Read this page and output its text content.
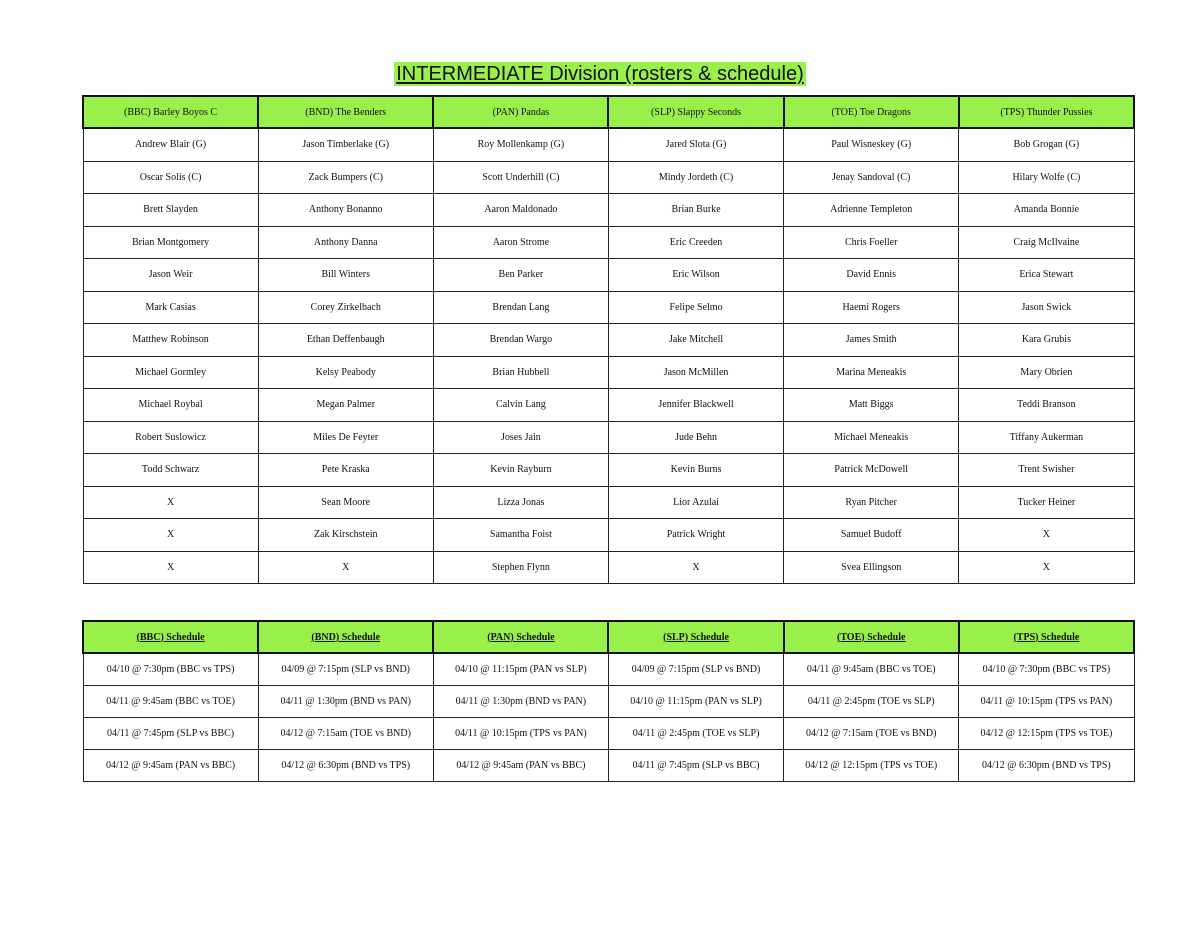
INTERMEDIATE Division (rosters & schedule)
(BBC) Barley Boyos C	(BND) The Benders	(PAN) Pandas	(SLP) Slappy Seconds	(TOE) Toe Dragons	(TPS) Thunder Pussies
Andrew Blair (G)	Jason Timberlake (G)	Roy Mollenkamp (G)	Jared Slota (G)	Paul Wisneskey (G)	Bob Grogan (G)
Oscar Solis (C)	Zack Bumpers (C)	Scott Underhill (C)	Mindy Jordeth (C)	Jenay Sandoval (C)	Hilary Wolfe (C)
Brett Slayden	Anthony Bonanno	Aaron Maldonado	Brian Burke	Adrienne Templeton	Amanda Bonnie
Brian Montgomery	Anthony Danna	Aaron Strome	Eric Creeden	Chris Foeller	Craig McIlvaine
Jason Weir	Bill Winters	Ben Parker	Eric Wilson	David Ennis	Erica Stewart
Mark Casias	Corey Zirkelbach	Brendan Lang	Felipe Selmo	Haemi Rogers	Jason Swick
Matthew Robinson	Ethan Deffenbaugh	Brendan Wargo	Jake Mitchell	James Smith	Kara Grubis
Michael Gormley	Kelsy Peabody	Brian Hubbell	Jason McMillen	Marina Meneakis	Mary Obrien
Michael Roybal	Megan Palmer	Calvin Lang	Jennifer Blackwell	Matt Biggs	Teddi Branson
Robert Suslowicz	Miles De Feyter	Joses Jain	Jude Behn	Michael Meneakis	Tiffany Aukerman
Todd Schwarz	Pete Kraska	Kevin Rayburn	Kevin Burns	Patrick McDowell	Trent Swisher
X	Sean Moore	Lizza Jonas	Lior Azulai	Ryan Pitcher	Tucker Heiner
X	Zak Kirschstein	Samantha Foist	Patrick Wright	Samuel Budoff	X
X	X	Stephen Flynn	X	Svea Ellingson	X
(BBC) Schedule	(BND) Schedule	(PAN) Schedule	(SLP) Schedule	(TOE) Schedule	(TPS) Schedule
04/10 @ 7:30pm (BBC vs TPS)	04/09 @ 7:15pm (SLP vs BND)	04/10 @ 11:15pm (PAN vs SLP)	04/09 @ 7:15pm (SLP vs BND)	04/11 @ 9:45am (BBC vs TOE)	04/10 @ 7:30pm (BBC vs TPS)
04/11 @ 9:45am (BBC vs TOE)	04/11 @ 1:30pm (BND vs PAN)	04/11 @ 1:30pm (BND vs PAN)	04/10 @ 11:15pm (PAN vs SLP)	04/11 @ 2:45pm (TOE vs SLP)	04/11 @ 10:15pm (TPS vs PAN)
04/11 @ 7:45pm (SLP vs BBC)	04/12 @ 7:15am (TOE vs BND)	04/11 @ 10:15pm (TPS vs PAN)	04/11 @ 2:45pm (TOE vs SLP)	04/12 @ 7:15am (TOE vs BND)	04/12 @ 12:15pm (TPS vs TOE)
04/12 @ 9:45am (PAN vs BBC)	04/12 @ 6:30pm (BND vs TPS)	04/12 @ 9:45am (PAN vs BBC)	04/11 @ 7:45pm (SLP vs BBC)	04/12 @ 12:15pm (TPS vs TOE)	04/12 @ 6:30pm (BND vs TPS)
